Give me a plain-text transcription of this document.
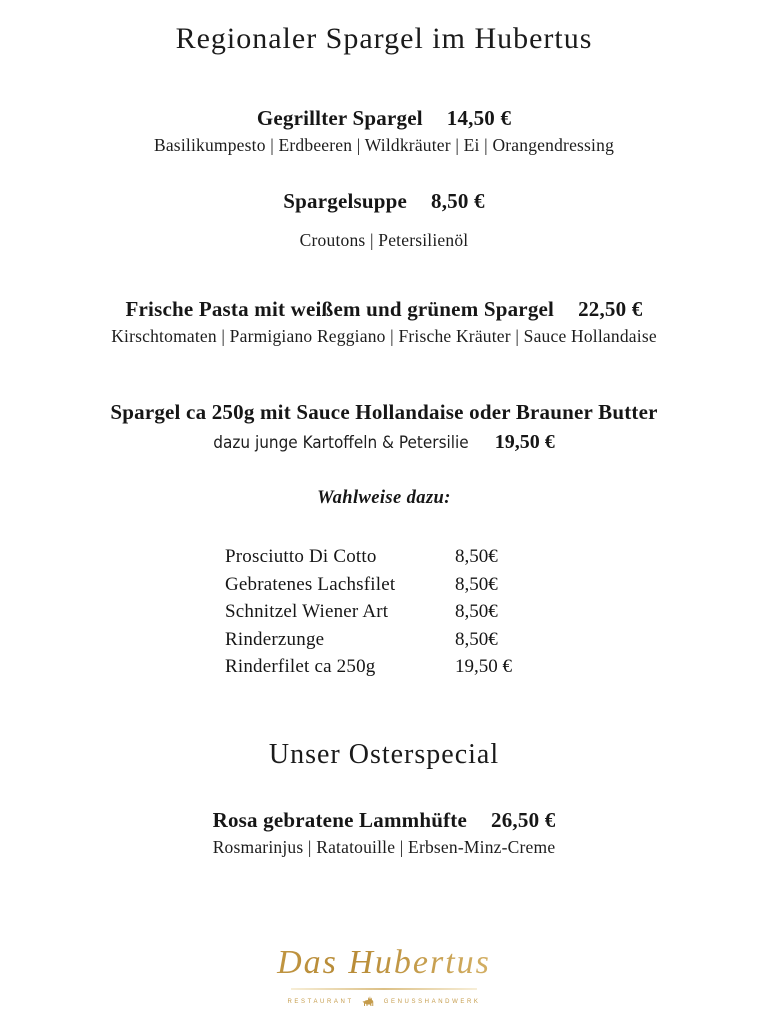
Regionaler Spargel im Hubertus
Gegrillter Spargel 14,50 €
Basilikumpesto | Erdbeeren | Wildkräuter | Ei | Orangendressing
Spargelsuppe 8,50 €
Croutons | Petersilienöl
Frische Pasta mit weißem und grünem Spargel 22,50 €
Kirschtomaten | Parmigiano Reggiano | Frische Kräuter | Sauce Hollandaise
Spargel ca 250g mit Sauce Hollandaise oder Brauner Butter
dazu junge Kartoffeln & Petersilie 19,50 €
Wahlweise dazu:
Prosciutto Di Cotto	8,50€
Gebratenes Lachsfilet	8,50€
Schnitzel Wiener Art	8,50€
Rinderzunge	8,50€
Rinderfilet ca 250g	19,50 €
Unser Osterspecial
Rosa gebratene Lammhüfte 26,50 €
Rosmarinjus | Ratatouille | Erbsen-Minz-Creme
Das Hubertus
RESTAURANT	GENUSSHANDWERK
